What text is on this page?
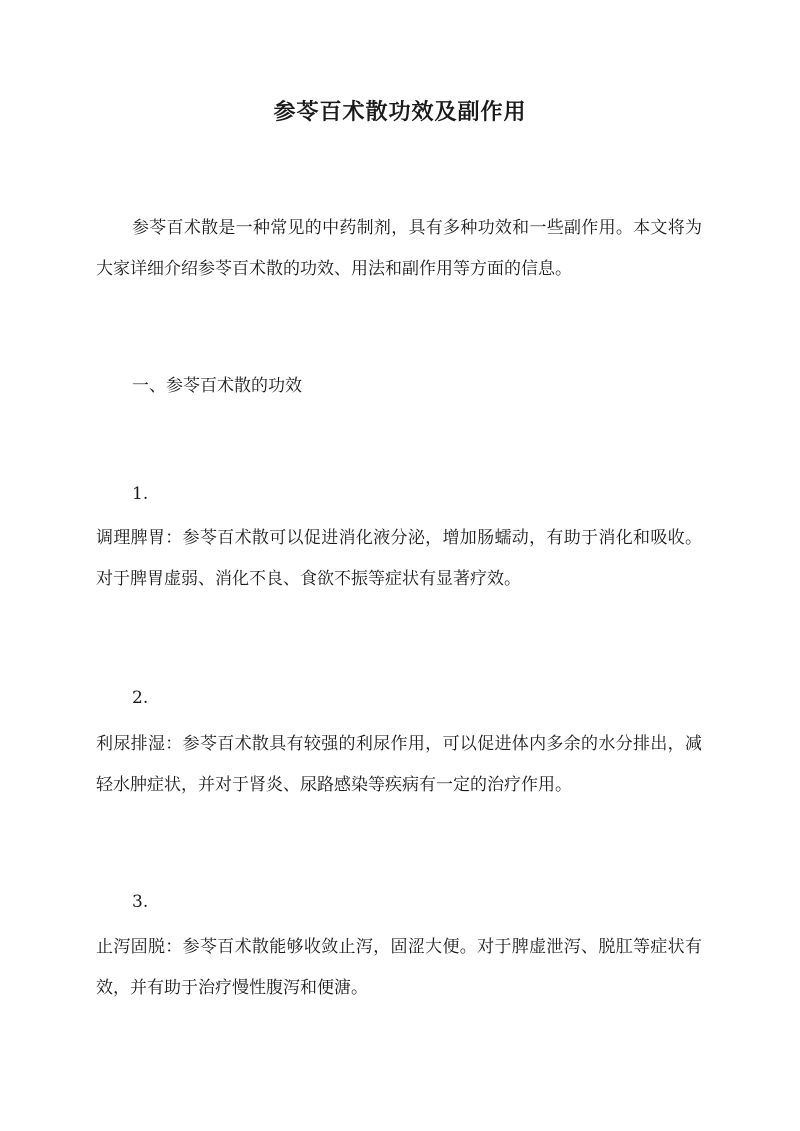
参苓百术散功效及副作用
参苓百术散是一种常见的中药制剂，具有多种功效和一些副作用。本文将为大家详细介绍参苓百术散的功效、用法和副作用等方面的信息。
一、参苓百术散的功效
1.
调理脾胃：参苓百术散可以促进消化液分泌，增加肠蠕动，有助于消化和吸收。对于脾胃虚弱、消化不良、食欲不振等症状有显著疗效。
2.
利尿排湿：参苓百术散具有较强的利尿作用，可以促进体内多余的水分排出，减轻水肿症状，并对于肾炎、尿路感染等疾病有一定的治疗作用。
3.
止泻固脱：参苓百术散能够收敛止泻，固涩大便。对于脾虚泄泻、脱肛等症状有效，并有助于治疗慢性腹泻和便溏。
